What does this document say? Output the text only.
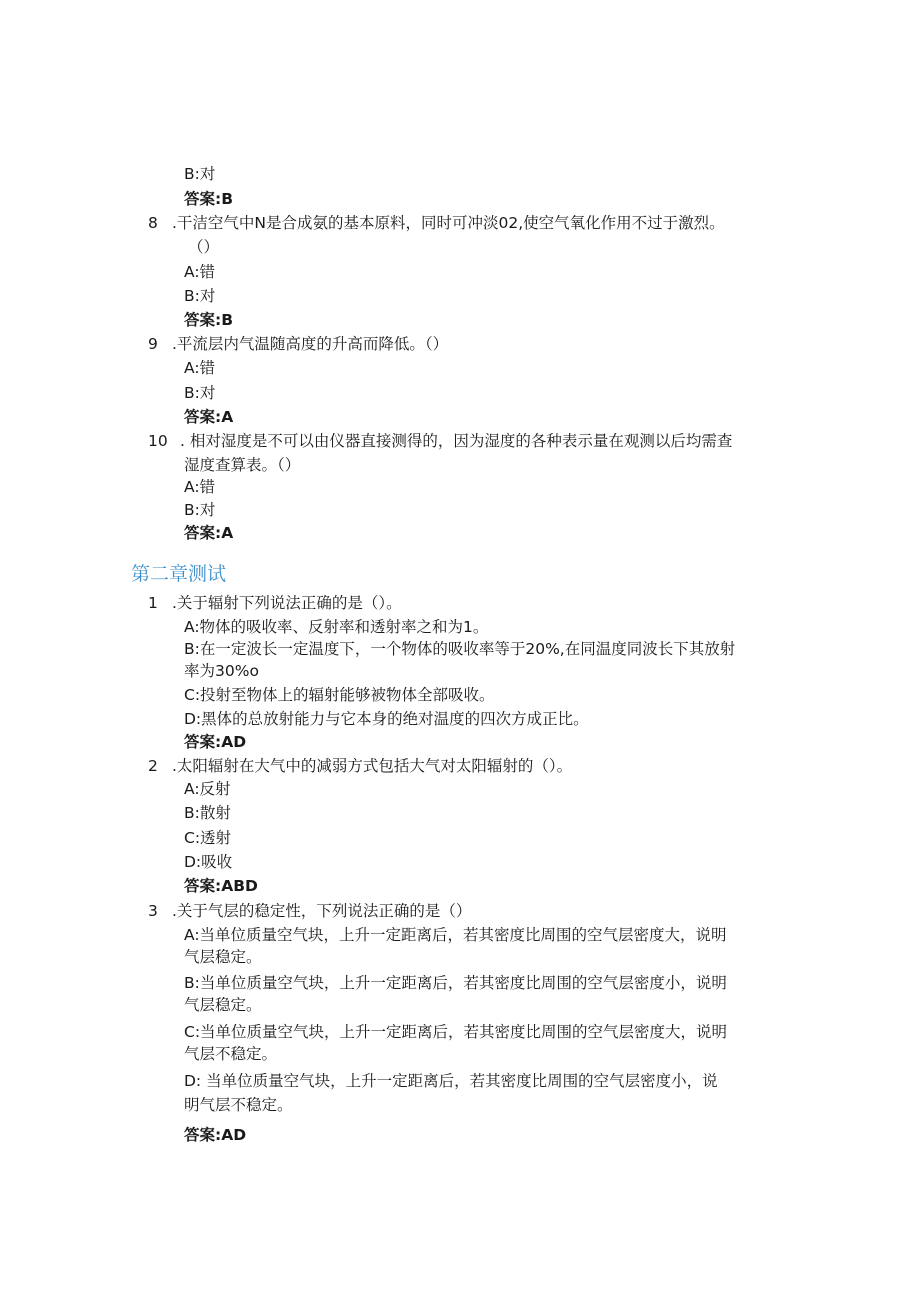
B:对
答案:B
8 .干洁空气中N是合成氨的基本原料，同时可冲淡02,使空气氧化作用不过于激烈。
（）
A:错
B:对
答案:B
9 .平流层内气温随高度的升高而降低。（）
A:错
B:对
答案:A
10 . 相对湿度是不可以由仪器直接测得的，因为湿度的各种表示量在观测以后均需查
湿度查算表。（）
A:错
B:对
答案:A
第二章测试
1 .关于辐射下列说法正确的是（）。
A:物体的吸收率、反射率和透射率之和为1。
B:在一定波长一定温度下，一个物体的吸收率等于20%,在同温度同波长下其放射
率为30%o
C:投射至物体上的辐射能够被物体全部吸收。
D:黑体的总放射能力与它本身的绝对温度的四次方成正比。
答案:AD
2 .太阳辐射在大气中的减弱方式包括大气对太阳辐射的（）。
A:反射
B:散射
C:透射
D:吸收
答案:ABD
3 .关于气层的稳定性，下列说法正确的是（）
A:当单位质量空气块，上升一定距离后，若其密度比周围的空气层密度大，说明
气层稳定。
B:当单位质量空气块，上升一定距离后，若其密度比周围的空气层密度小，说明
气层稳定。
C:当单位质量空气块，上升一定距离后，若其密度比周围的空气层密度大，说明
气层不稳定。
D: 当单位质量空气块，上升一定距离后，若其密度比周围的空气层密度小，说
明气层不稳定。
答案:AD
